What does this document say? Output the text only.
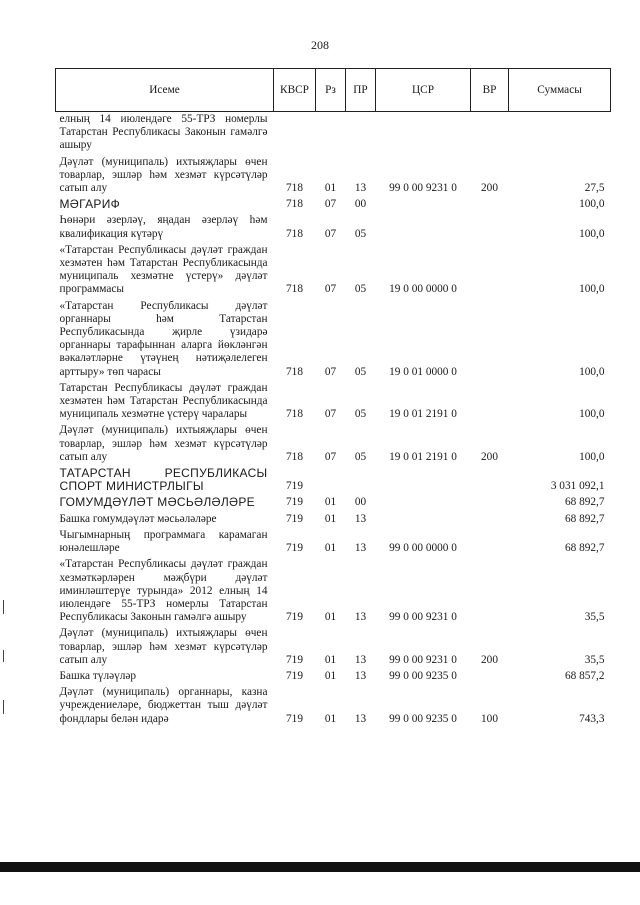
208
Исеме	КВСР	Рз	ПР	ЦСР	ВР	Суммасы
елның 14 июлендәге 55-ТРЗ номерлы Татарстан Республикасы Законын гамәлгә ашыру						
Дәүләт (муниципаль) ихтыяҗлары өчен товарлар, эшләр һәм хезмәт күрсәтүләр сатып алу	718	01	13	99 0 00 9231 0	200	27,5
МӘГАРИФ	718	07	00			100,0
Һөнәри әзерләү, яңадан әзерләү һәм квалификация күтәрү	718	07	05			100,0
«Татарстан Республикасы дәүләт граждан хезмәтен һәм Татарстан Республикасында муниципаль хезмәтне үстерү» дәүләт программасы	718	07	05	19 0 00 0000 0		100,0
«Татарстан Республикасы дәүләт органнары һәм Татарстан Республикасында җирле үзидарә органнары тарафыннан аларга йөкләнгән вәкаләтләрне үтәүнең нәтиҗәлелеген арттыру» төп чарасы	718	07	05	19 0 01 0000 0		100,0
Татарстан Республикасы дәүләт граждан хезмәтен һәм Татарстан Республикасында муниципаль хезмәтне үстерү чаралары	718	07	05	19 0 01 2191 0		100,0
Дәүләт (муниципаль) ихтыяҗлары өчен товарлар, эшләр һәм хезмәт күрсәтүләр сатып алу	718	07	05	19 0 01 2191 0	200	100,0
ТАТАРСТАН РЕСПУБЛИКАСЫ СПОРТ МИНИСТРЛЫГЫ	719					3 031 092,1
ГОМУМДӘҮЛӘТ МӘСЬӘЛӘЛӘРЕ	719	01	00			68 892,7
Башка гомумдәүләт мәсьәләләре	719	01	13			68 892,7
Чыгымнарның программага карамаган юнәлешләре	719	01	13	99 0 00 0000 0		68 892,7
«Татарстан Республикасы дәүләт граждан хезмәткәрләрен мәҗбүри дәүләт иминләштерүе турында» 2012 елның 14 июлендәге 55-ТРЗ номерлы Татарстан Республикасы Законын гамәлгә ашыру	719	01	13	99 0 00 9231 0		35,5
Дәүләт (муниципаль) ихтыяҗлары өчен товарлар, эшләр һәм хезмәт күрсәтүләр сатып алу	719	01	13	99 0 00 9231 0	200	35,5
Башка түләүләр	719	01	13	99 0 00 9235 0		68 857,2
Дәүләт (муниципаль) органнары, казна учреждениеләре, бюджеттан тыш дәүләт фондлары белән идарә	719	01	13	99 0 00 9235 0	100	743,3
